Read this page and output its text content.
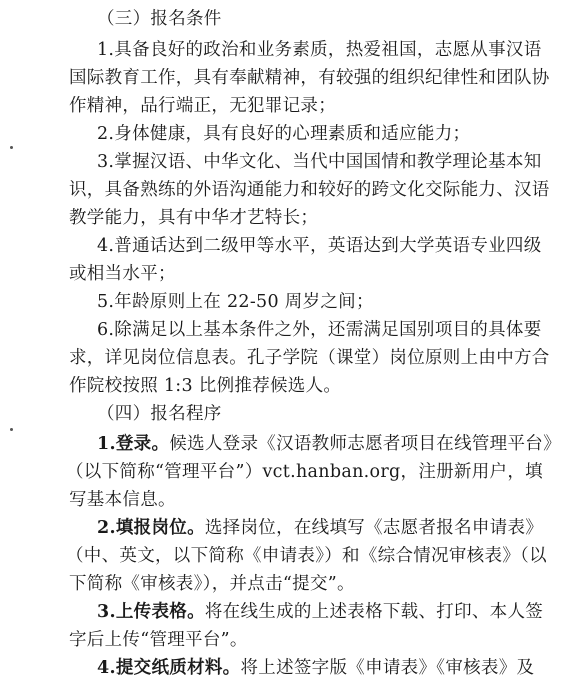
（三）报名条件
1.具备良好的政治和业务素质，热爱祖国，志愿从事汉语
国际教育工作，具有奉献精神，有较强的组织纪律性和团队协
作精神，品行端正，无犯罪记录；
2.身体健康，具有良好的心理素质和适应能力；
3.掌握汉语、中华文化、当代中国国情和教学理论基本知
识，具备熟练的外语沟通能力和较好的跨文化交际能力、汉语
教学能力，具有中华才艺特长；
4.普通话达到二级甲等水平，英语达到大学英语专业四级
或相当水平；
5.年龄原则上在 22-50 周岁之间；
6.除满足以上基本条件之外，还需满足国别项目的具体要
求，详见岗位信息表。孔子学院（课堂）岗位原则上由中方合
作院校按照 1:3 比例推荐候选人。
（四）报名程序
1.登录。候选人登录《汉语教师志愿者项目在线管理平台》
（以下简称“管理平台”）vct.hanban.org，注册新用户，填
写基本信息。
2.填报岗位。选择岗位，在线填写《志愿者报名申请表》
（中、英文，以下简称《申请表》）和《综合情况审核表》（以
下简称《审核表》），并点击“提交”。
3.上传表格。将在线生成的上述表格下载、打印、本人签
字后上传“管理平台”。
4.提交纸质材料。将上述签字版《申请表》《审核表》及
